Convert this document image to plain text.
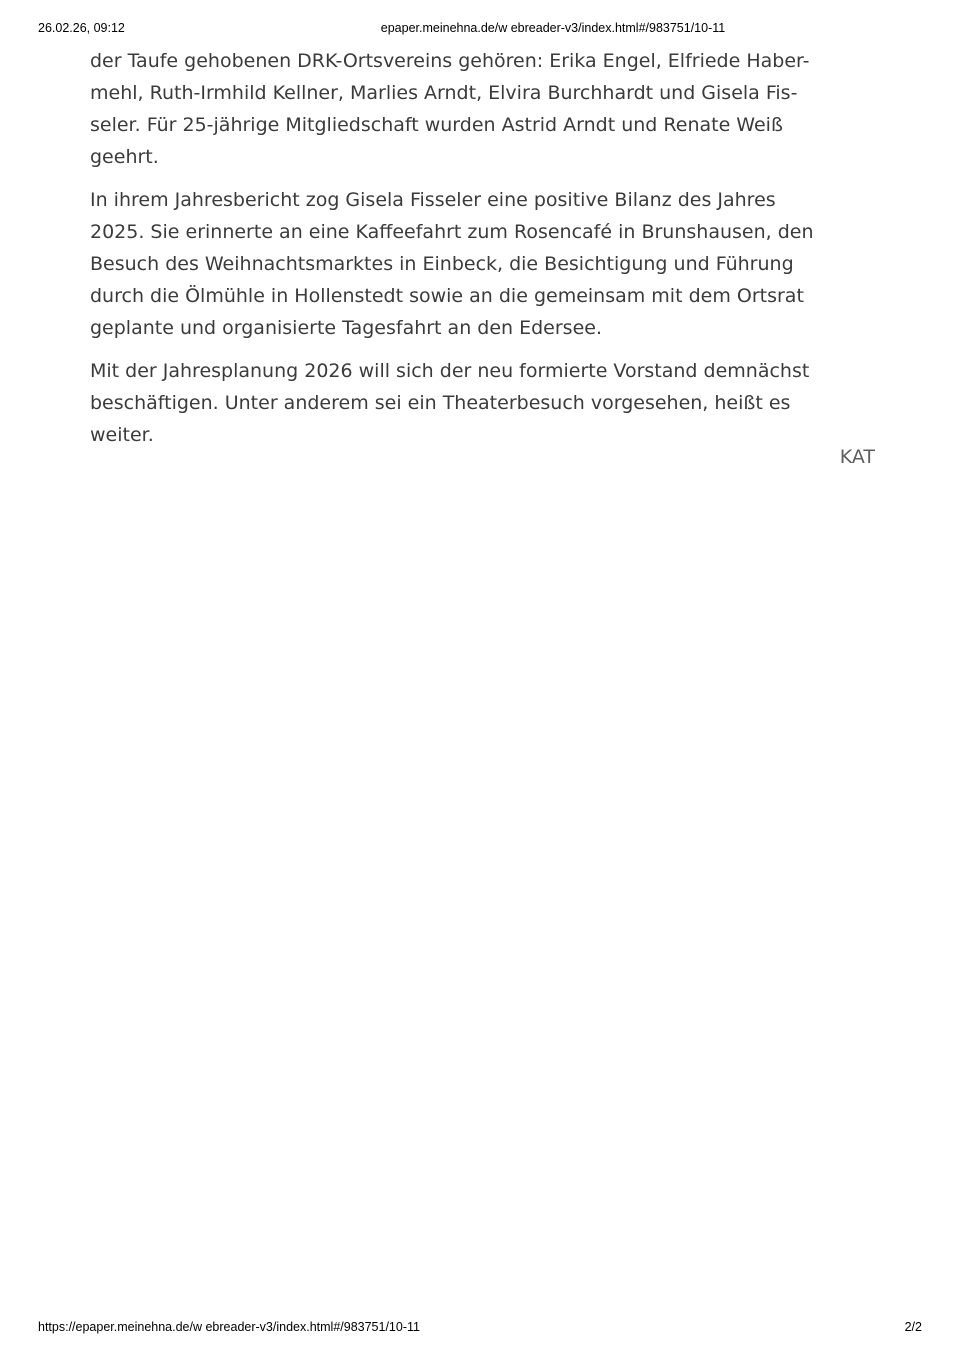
26.02.26, 09:12	epaper.meinehna.de/w ebreader-v3/index.html#/983751/10-11

der Taufe gehobenen DRK-Ortsvereins gehören: Erika Engel, Elfriede Haber-
mehl, Ruth-Irmhild Kellner, Marlies Arndt, Elvira Burchhardt und Gisela Fis-
seler. Für 25-jährige Mitgliedschaft wurden Astrid Arndt und Renate Weiß
geehrt.

In ihrem Jahresbericht zog Gisela Fisseler eine positive Bilanz des Jahres
2025. Sie erinnerte an eine Kaffeefahrt zum Rosencafé in Brunshausen, den
Besuch des Weihnachtsmarktes in Einbeck, die Besichtigung und Führung
durch die Ölmühle in Hollenstedt sowie an die gemeinsam mit dem Ortsrat
geplante und organisierte Tagesfahrt an den Edersee.

Mit der Jahresplanung 2026 will sich der neu formierte Vorstand demnächst
beschäftigen. Unter anderem sei ein Theaterbesuch vorgesehen, heißt es
weiter.

KAT
https://epaper.meinehna.de/w ebreader-v3/index.html#/983751/10-11	2/2
